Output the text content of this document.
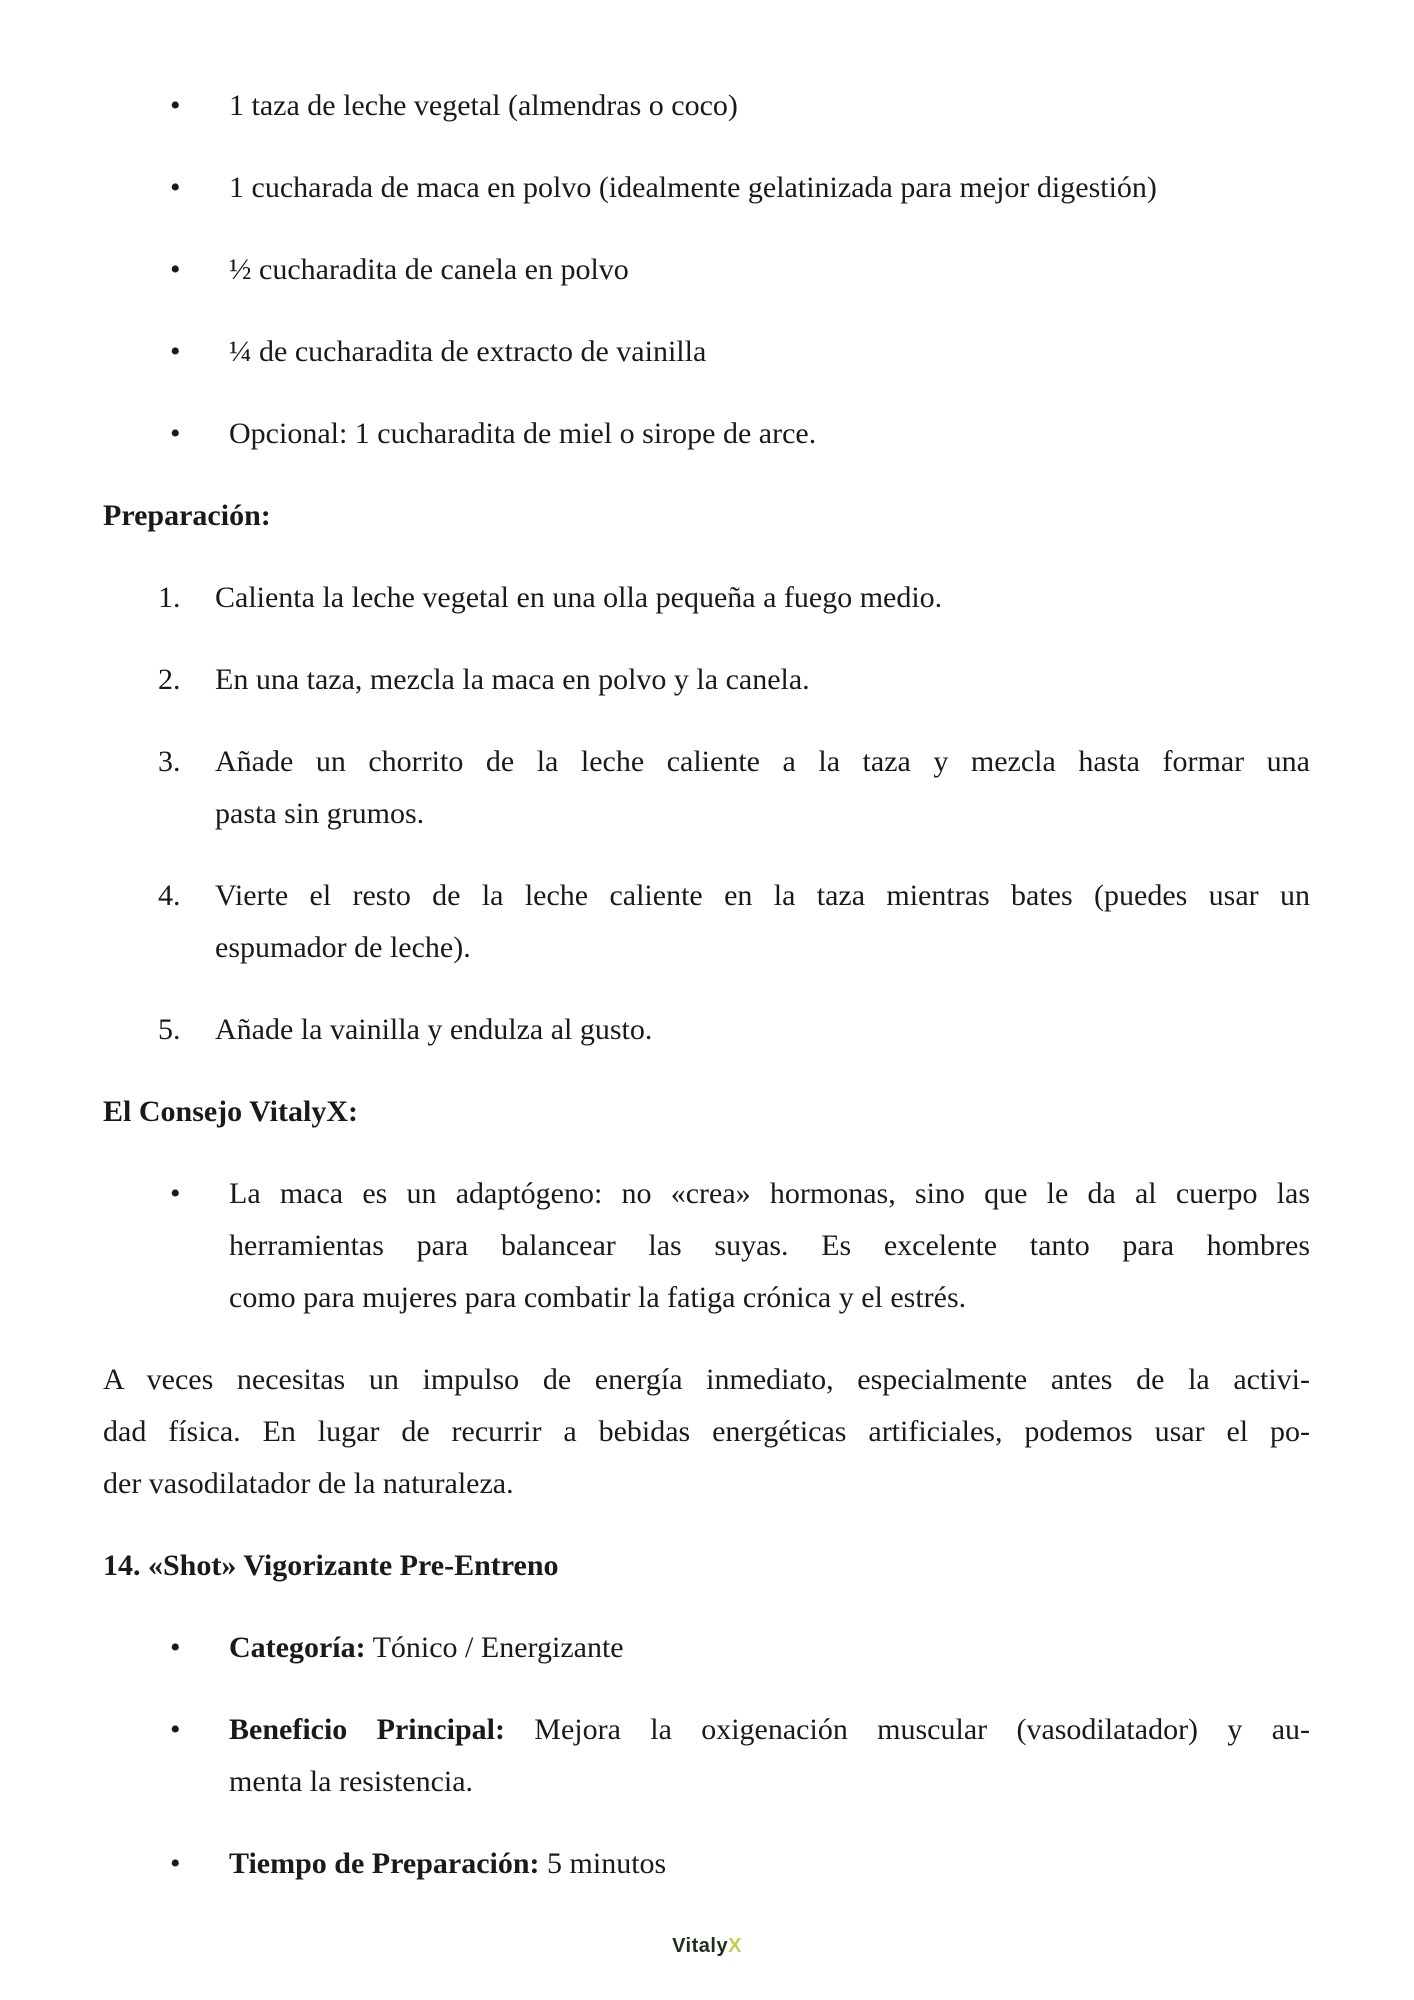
• 1 taza de leche vegetal (almendras o coco)
• 1 cucharada de maca en polvo (idealmente gelatinizada para mejor digestión)
• ½ cucharadita de canela en polvo
• ¼ de cucharadita de extracto de vainilla
• Opcional: 1 cucharadita de miel o sirope de arce.
Preparación:
1. Calienta la leche vegetal en una olla pequeña a fuego medio.
2. En una taza, mezcla la maca en polvo y la canela.
3. Añade un chorrito de la leche caliente a la taza y mezcla hasta formar una
pasta sin grumos.
4. Vierte el resto de la leche caliente en la taza mientras bates (puedes usar un
espumador de leche).
5. Añade la vainilla y endulza al gusto.
El Consejo VitalyX:
• La maca es un adaptógeno: no «crea» hormonas, sino que le da al cuerpo las
herramientas para balancear las suyas. Es excelente tanto para hombres
como para mujeres para combatir la fatiga crónica y el estrés.
A veces necesitas un impulso de energía inmediato, especialmente antes de la activi-
dad física. En lugar de recurrir a bebidas energéticas artificiales, podemos usar el po-
der vasodilatador de la naturaleza.
14. «Shot» Vigorizante Pre-Entreno
• Categoría: Tónico / Energizante
• Beneficio Principal: Mejora la oxigenación muscular (vasodilatador) y au-
menta la resistencia.
• Tiempo de Preparación: 5 minutos
VitalyX
